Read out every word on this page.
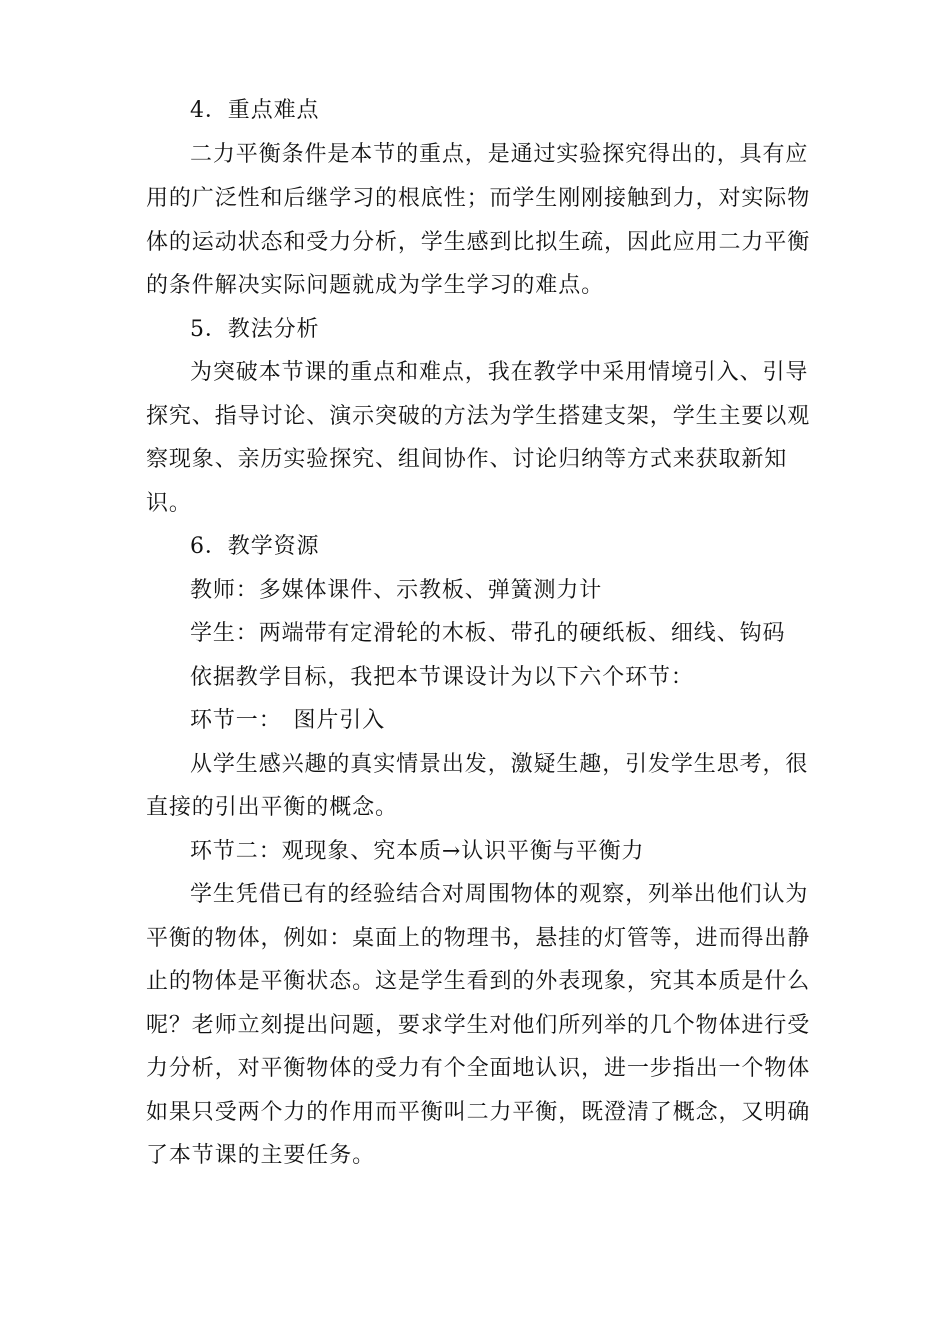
4．重点难点
二力平衡条件是本节的重点，是通过实验探究得出的，具有应
用的广泛性和后继学习的根底性；而学生刚刚接触到力，对实际物
体的运动状态和受力分析，学生感到比拟生疏，因此应用二力平衡
的条件解决实际问题就成为学生学习的难点。
5．教法分析
为突破本节课的重点和难点，我在教学中采用情境引入、引导
探究、指导讨论、演示突破的方法为学生搭建支架，学生主要以观
察现象、亲历实验探究、组间协作、讨论归纳等方式来获取新知
识。
6．教学资源
教师：多媒体课件、示教板、弹簧测力计
学生：两端带有定滑轮的木板、带孔的硬纸板、细线、钩码
依据教学目标，我把本节课设计为以下六个环节：
环节一：　图片引入
从学生感兴趣的真实情景出发，激疑生趣，引发学生思考，很
直接的引出平衡的概念。
环节二：观现象、究本质→认识平衡与平衡力
学生凭借已有的经验结合对周围物体的观察，列举出他们认为
平衡的物体，例如：桌面上的物理书，悬挂的灯管等，进而得出静
止的物体是平衡状态。这是学生看到的外表现象，究其本质是什么
呢？老师立刻提出问题，要求学生对他们所列举的几个物体进行受
力分析，对平衡物体的受力有个全面地认识，进一步指出一个物体
如果只受两个力的作用而平衡叫二力平衡，既澄清了概念，又明确
了本节课的主要任务。
